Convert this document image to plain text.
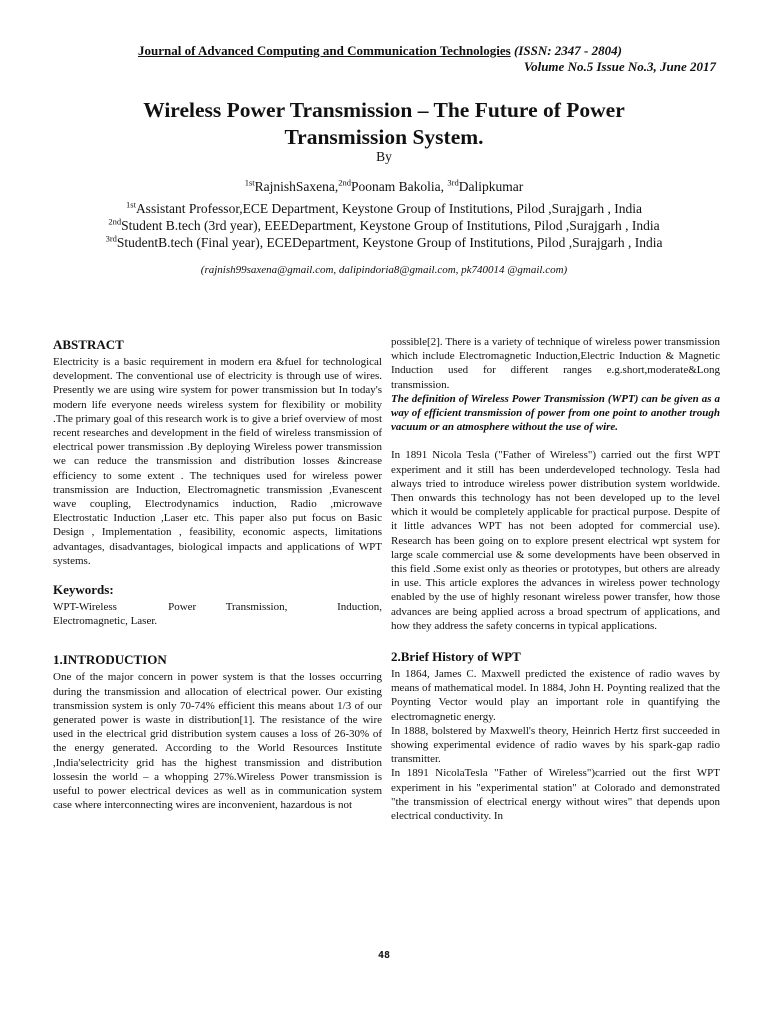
Journal of Advanced Computing and Communication Technologies (ISSN: 2347 - 2804)
Volume No.5 Issue No.3, June 2017
Wireless Power Transmission – The Future of Power
Transmission System.
By
$^{1st}$RajnishSaxena,$^{2nd}$Poonam Bakolia, $^{3rd}$Dalipkumar
$^{1st}$Assistant Professor,ECE Department, Keystone Group of Institutions, Pilod ,Surajgarh , India
$^{2nd}$Student B.tech (3rd year), EEEDepartment, Keystone Group of Institutions, Pilod ,Surajgarh , India
$^{3rd}$StudentB.tech (Final year), ECEDepartment, Keystone Group of Institutions, Pilod ,Surajgarh , India
(rajnish99saxena@gmail.com, dalipindoria8@gmail.com, pk740014 @gmail.com)
ABSTRACT

Electricity is a basic requirement in modern era &fuel for technological development. The conventional use of electricity is through use of wires. Presently we are using wire system for power transmission but In today's modern life everyone needs wireless system for flexibility or mobility .The primary goal of this research work is to give a brief overview of most recent researches and development in the field of wireless transmission of electrical power transmission .By deploying Wireless power transmission we can reduce the transmission and distribution losses &increase efficiency to some extent . The techniques used for wireless power transmission are Induction, Electromagnetic transmission ,Evanescent wave coupling, Electrodynamics induction, Radio ,microwave Electrostatic Induction ,Laser etc. This paper also put focus on Basic Design , Implementation , feasibility, economic aspects, limitations advantages, disadvantages, biological impacts and applications of WPT systems.

Keywords:
WPT-Wireless	Power	Transmission,	Induction,

Electromagnetic, Laser.

1.INTRODUCTION

One of the major concern in power system is that the losses occurring during the transmission and allocation of electrical power. Our existing transmission system is only 70-74% efficient this means about 1/3 of our generated power is waste in distribution[1]. The resistance of the wire used in the electrical grid distribution system causes a loss of 26-30% of the energy generated. According to the World Resources Institute ,India'selectricity grid has the highest transmission and distribution lossesin the world – a whopping 27%.Wireless Power transmission is useful to power electrical devices as well as in communication system case where interconnecting wires are inconvenient, hazardous is not

possible[2]. There is a variety of technique of wireless power transmission which include Electromagnetic Induction,Electric Induction & Magnetic Induction used for different ranges e.g.short,moderate&Long transmission.

The definition of Wireless Power Transmission (WPT) can be given as a way of efficient transmission of power from one point to another trough vacuum or an atmosphere without the use of wire.

In 1891 Nicola Tesla ("Father of Wireless") carried out the first WPT experiment and it still has been underdeveloped technology. Tesla had always tried to introduce wireless power distribution system worldwide. Then onwards this technology has not been developed up to the level which it would be completely applicable for practical purpose. Despite of it little advances WPT has not been adopted for commercial use). Research has been going on to explore present electrical wpt system for large scale commercial use & some developments have been observed in this field .Some exist only as theories or prototypes, but others are already in use. This article explores the advances in wireless power technology enabled by the use of highly resonant wireless power transfer, how those advances are being applied across a broad spectrum of applications, and how they address the safety concerns in typical applications.

2.Brief History of WPT

In 1864, James C. Maxwell predicted the existence of radio waves by means of mathematical model. In 1884, John H. Poynting realized that the Poynting Vector would play an important role in quantifying the electromagnetic energy.

In 1888, bolstered by Maxwell's theory, Heinrich Hertz first succeeded in showing experimental evidence of radio waves by his spark-gap radio transmitter.

In 1891 NicolaTesla "Father of Wireless")carried out the first WPT experiment in his "experimental station" at Colorado and demonstrated "the transmission of electrical energy without wires" that depends upon electrical conductivity. In

48
